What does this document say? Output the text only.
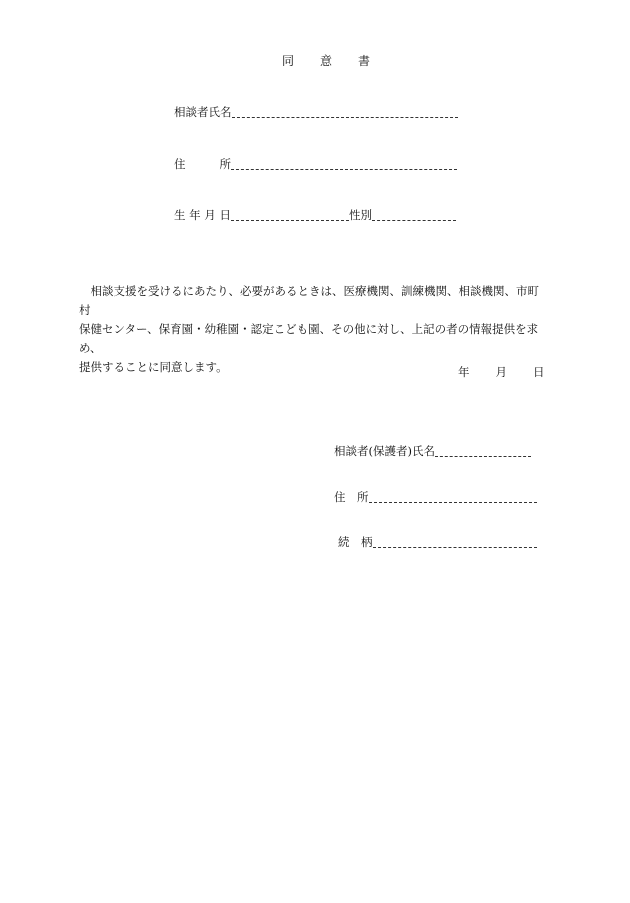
同 意 書
相談者氏名
住	所
生 年 月 日	性別

相談支援を受けるにあたり、必要があるときは、医療機関、訓練機関、相談機関、市町村

保健センター、保育園・幼稚園・認定こども園、その他に対し、上記の者の情報提供を求め、

提供することに同意します。	年 月 日
相談者(保護者)氏名
住　所
続　柄
